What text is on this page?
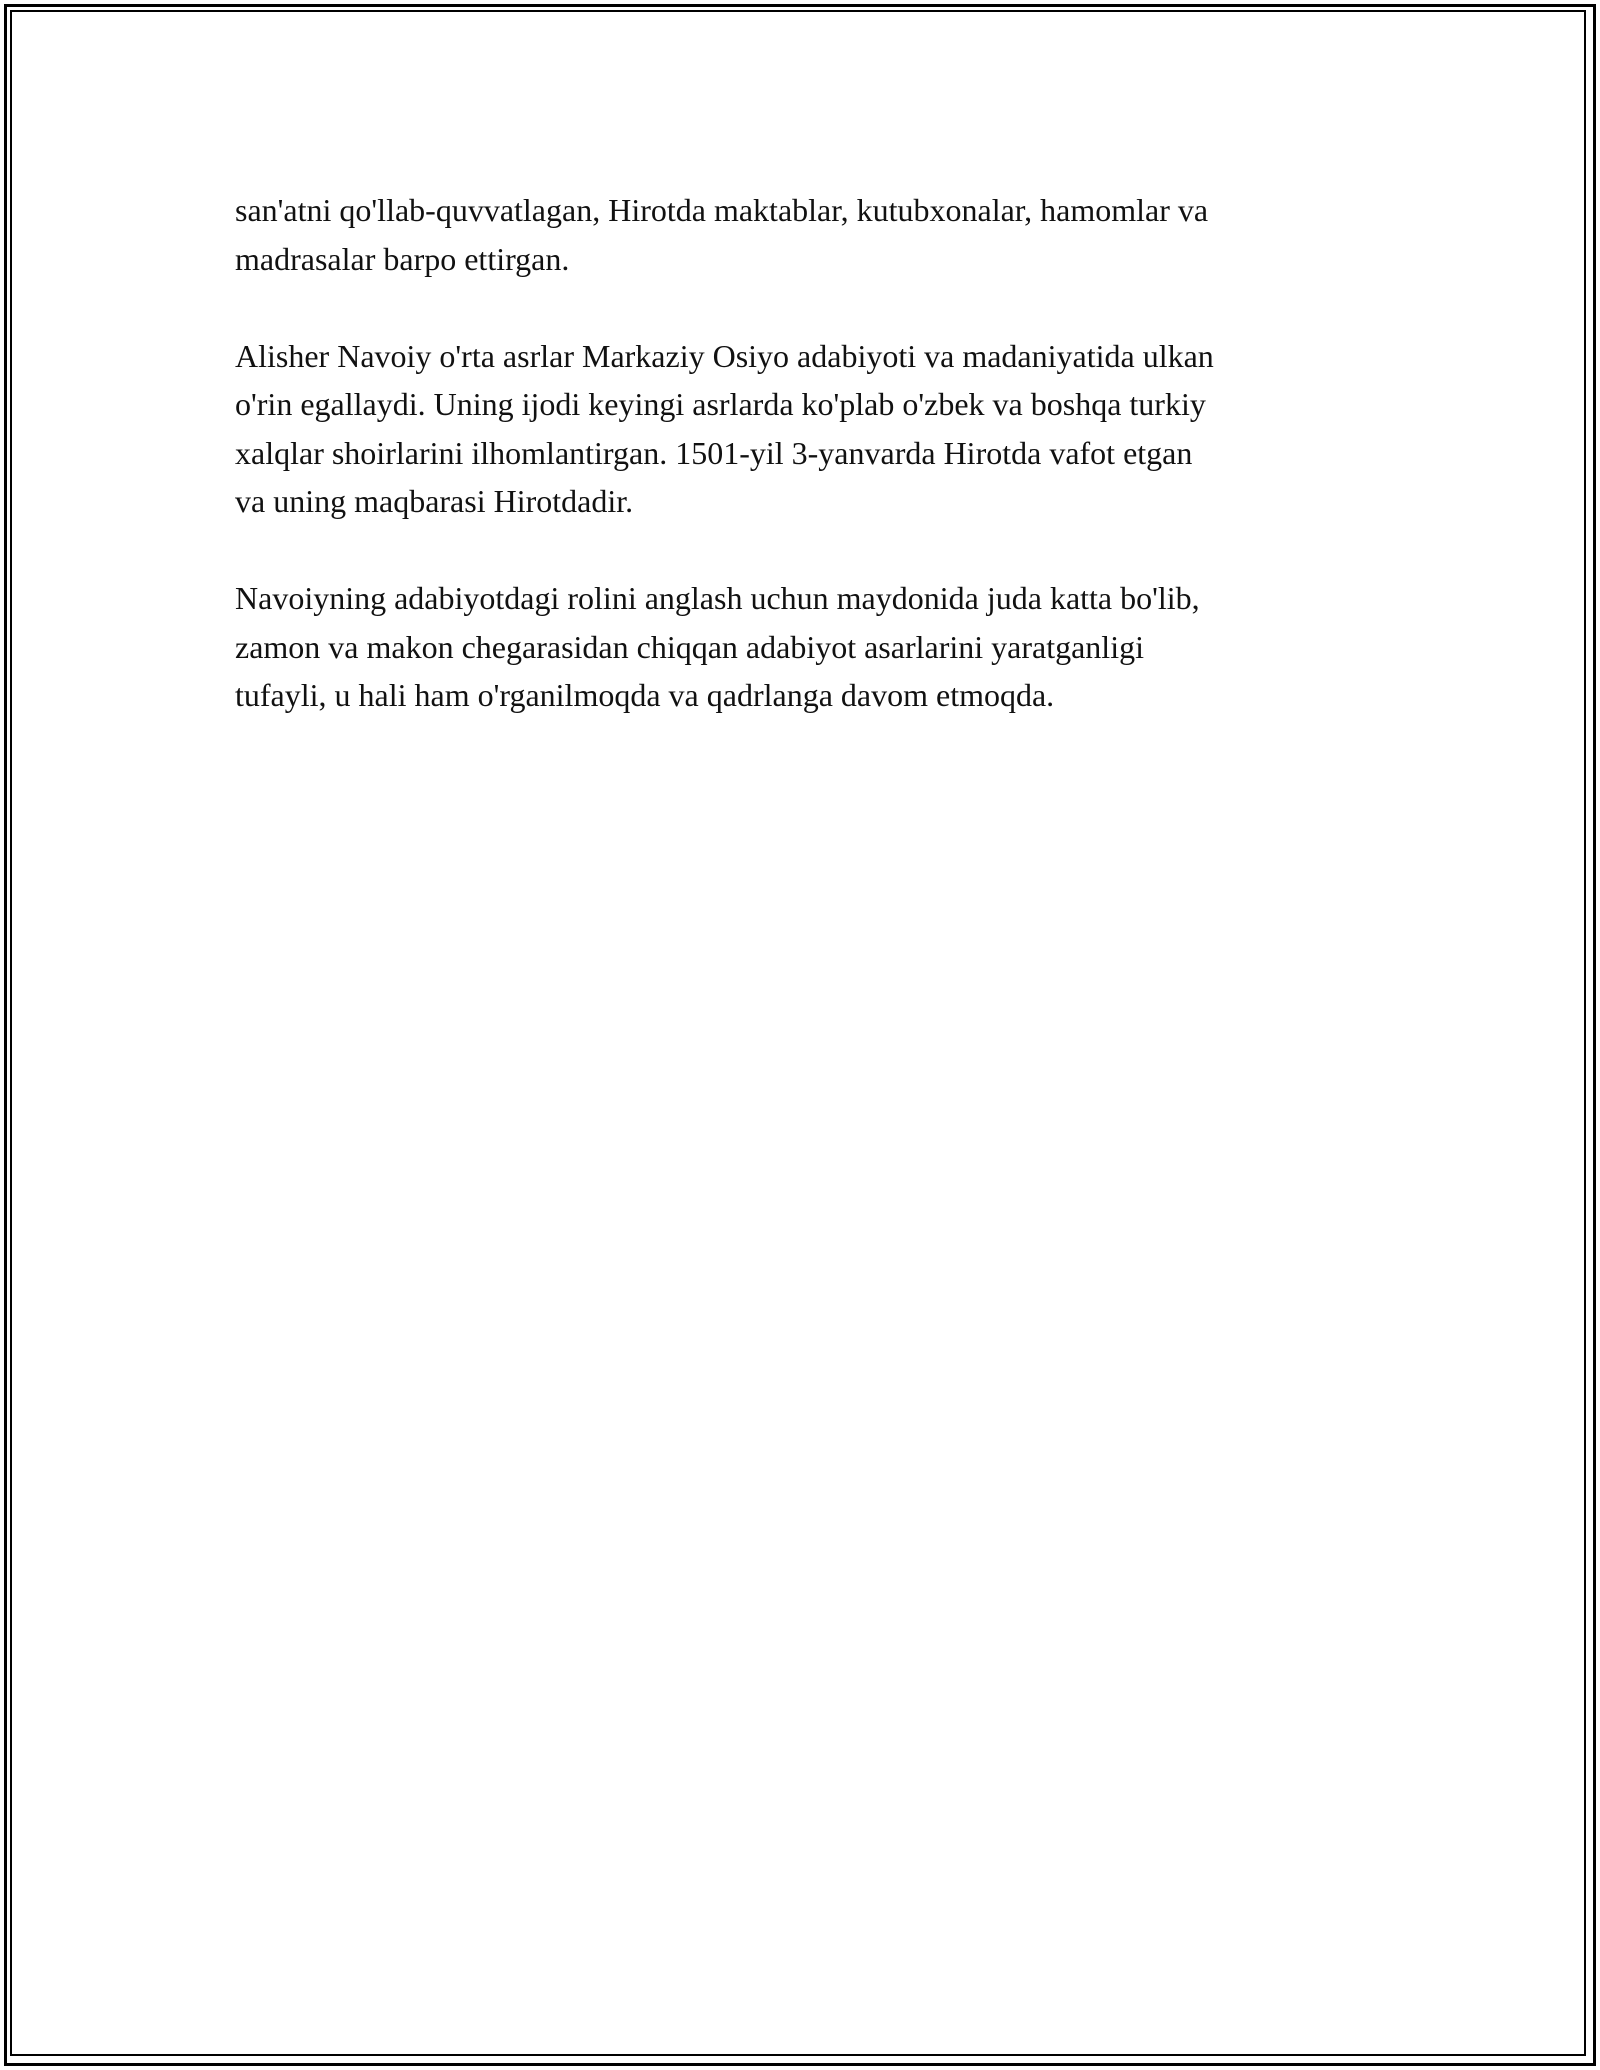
san'atni qo'llab-quvvatlagan, Hirotda maktablar, kutubxonalar, hamomlar va
madrasalar barpo ettirgan.

Alisher Navoiy o'rta asrlar Markaziy Osiyo adabiyoti va madaniyatida ulkan
o'rin egallaydi. Uning ijodi keyingi asrlarda ko'plab o'zbek va boshqa turkiy
xalqlar shoirlarini ilhomlantirgan. 1501-yil 3-yanvarda Hirotda vafot etgan
va uning maqbarasi Hirotdadir.

Navoiyning adabiyotdagi rolini anglash uchun maydonida juda katta bo'lib,
zamon va makon chegarasidan chiqqan adabiyot asarlarini yaratganligi
tufayli, u hali ham o'rganilmoqda va qadrlanga davom etmoqda.
